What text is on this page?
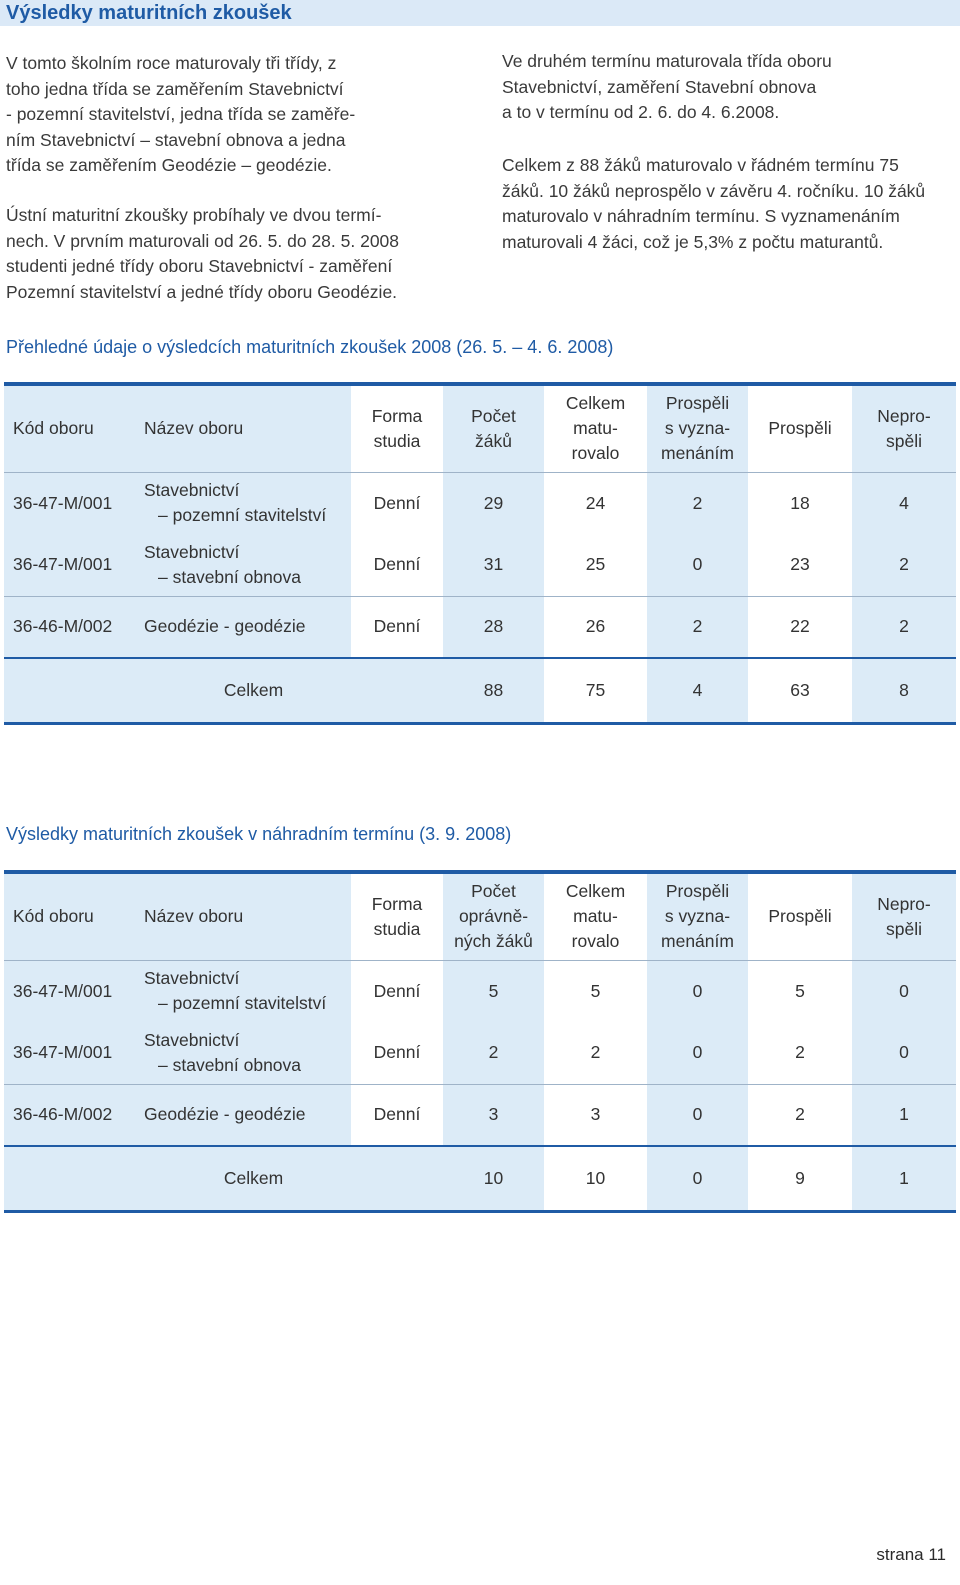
Výsledky maturitních zkoušek

V tomto školním roce maturovaly tři třídy, z
toho jedna třída se zaměřením Stavebnictví
- pozemní stavitelství, jedna třída se zaměře-
ním Stavebnictví – stavební obnova a jedna
třída se zaměřením Geodézie – geodézie.

Ústní maturitní zkoušky probíhaly ve dvou termí-
nech. V prvním maturovali od 26. 5. do 28. 5. 2008
studenti jedné třídy oboru Stavebnictví - zaměření
Pozemní stavitelství a jedné třídy oboru Geodézie.

Ve druhém termínu maturovala třída oboru
Stavebnictví, zaměření Stavební obnova
a to v termínu od 2. 6. do 4. 6.2008.

Celkem z 88 žáků maturovalo v řádném termínu 75
žáků. 10 žáků neprospělo v závěru 4. ročníku. 10 žáků
maturovalo v náhradním termínu. S vyznamenáním
maturovali 4 žáci, což je 5,3% z počtu maturantů.

Přehledné údaje o výsledcích maturitních zkoušek 2008 (26. 5. – 4. 6. 2008)
Kód oboru	Název oboru	Forma
studia	Počet
žáků	Celkem
matu-
rovalo	Prospěli
s vyzna-
menáním	Prospěli	Nepro-
spěli
36-47-M/001	Stavebnictví
– pozemní stavitelství	Denní	29	24	2	18	4
36-47-M/001	Stavebnictví
– stavební obnova	Denní	31	25	0	23	2
36-46-M/002	Geodézie - geodézie	Denní	28	26	2	22	2
Celkem			88	75	4	63	8
Výsledky maturitních zkoušek v náhradním termínu (3. 9. 2008)
Kód oboru	Název oboru	Forma
studia	Počet
oprávně-
ných žáků	Celkem
matu-
rovalo	Prospěli
s vyzna-
menáním	Prospěli	Nepro-
spěli
36-47-M/001	Stavebnictví
– pozemní stavitelství	Denní	5	5	0	5	0
36-47-M/001	Stavebnictví
– stavební obnova	Denní	2	2	0	2	0
36-46-M/002	Geodézie - geodézie	Denní	3	3	0	2	1
Celkem			10	10	0	9	1
strana 11
